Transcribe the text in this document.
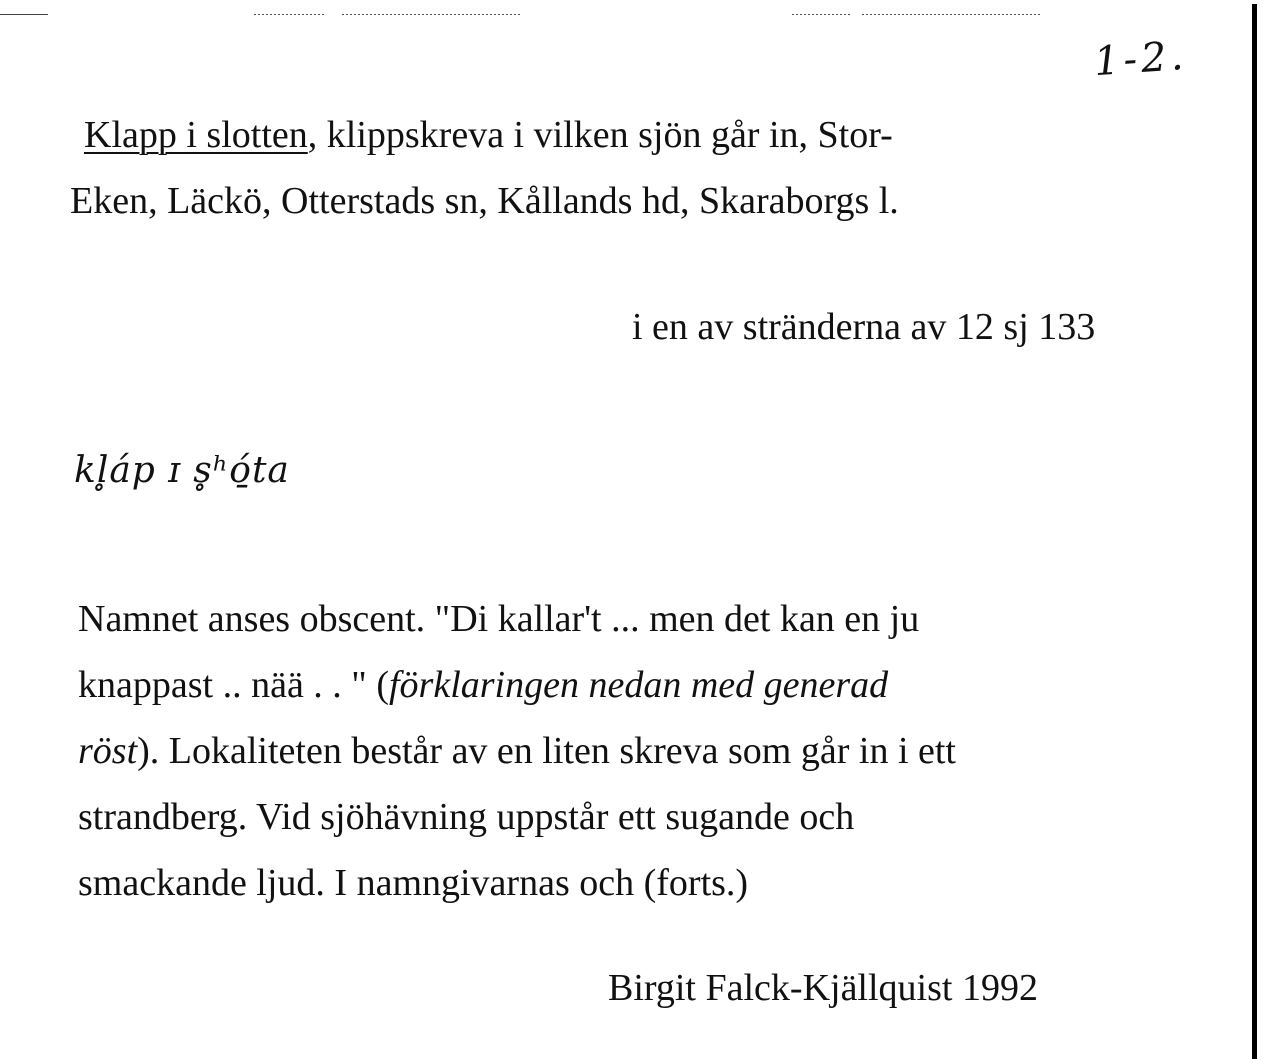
1-2.
Klapp i slotten, klippskreva i vilken sjön går in, Stor-
Eken, Läckö, Otterstads sn, Kållands hd, Skaraborgs l.
i en av stränderna av 12 sj 133
kl̥áp ɪ s̥ʰó̱ta

Namnet anses obscent. "Di kallar't ... men det kan en ju

knappast .. nää . . " (förklaringen nedan med generad

röst). Lokaliteten består av en liten skreva som går in i ett

strandberg. Vid sjöhävning uppstår ett sugande och

smackande ljud. I namngivarnas och (forts.)

Birgit Falck-Kjällquist 1992
